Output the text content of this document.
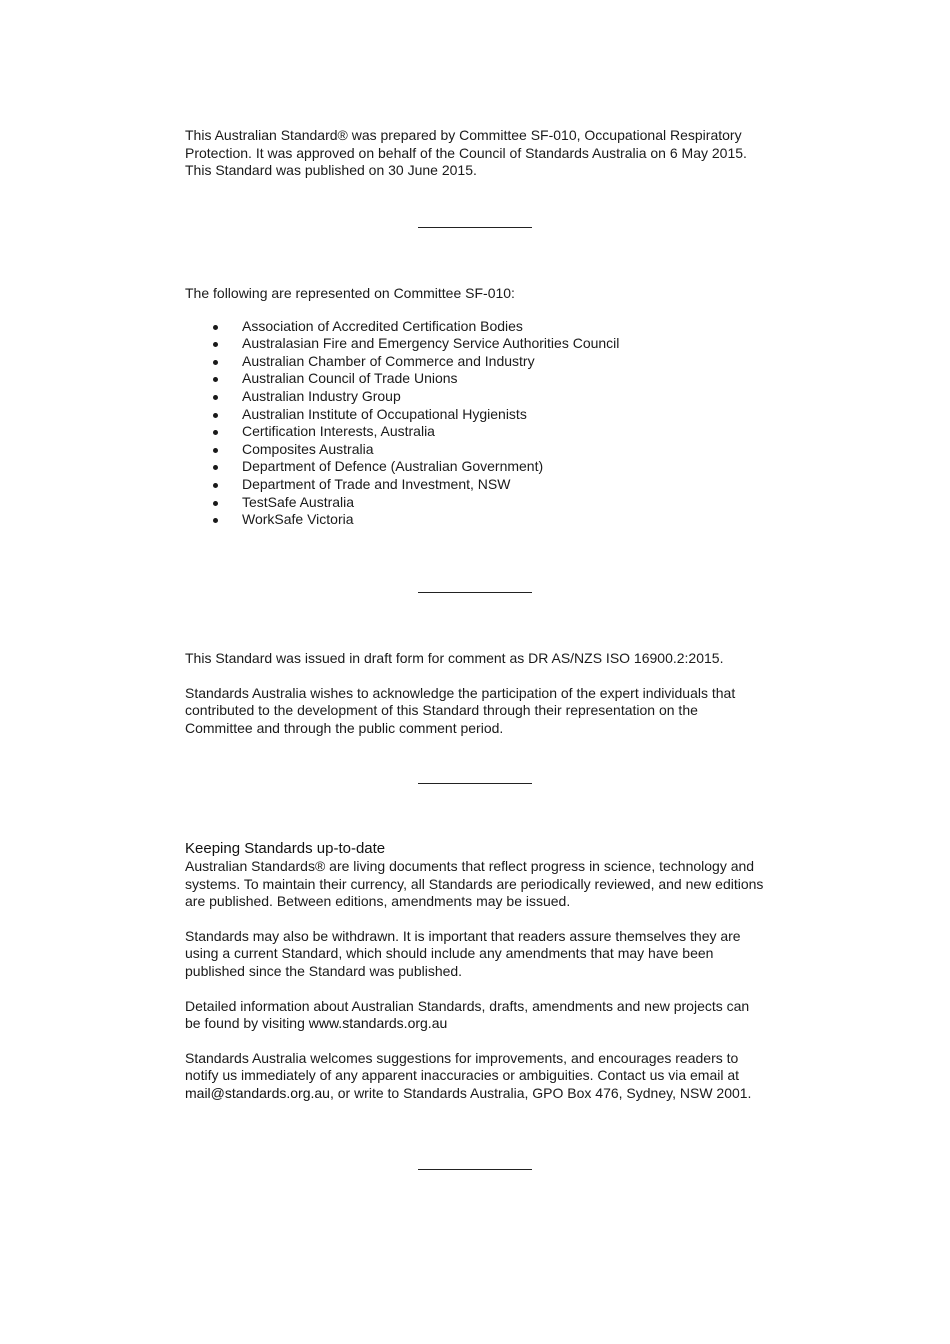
This Australian Standard® was prepared by Committee SF-010, Occupational Respiratory
Protection. It was approved on behalf of the Council of Standards Australia on 6 May 2015.
This Standard was published on 30 June 2015.

The following are represented on Committee SF-010:

Association of Accredited Certification Bodies
Australasian Fire and Emergency Service Authorities Council
Australian Chamber of Commerce and Industry
Australian Council of Trade Unions
Australian Industry Group
Australian Institute of Occupational Hygienists
Certification Interests, Australia
Composites Australia
Department of Defence (Australian Government)
Department of Trade and Investment, NSW
TestSafe Australia
WorkSafe Victoria

This Standard was issued in draft form for comment as DR AS/NZS ISO 16900.2:2015.

Standards Australia wishes to acknowledge the participation of the expert individuals that
contributed to the development of this Standard through their representation on the
Committee and through the public comment period.

Keeping Standards up-to-date

Australian Standards® are living documents that reflect progress in science, technology and
systems. To maintain their currency, all Standards are periodically reviewed, and new editions
are published. Between editions, amendments may be issued.

Standards may also be withdrawn. It is important that readers assure themselves they are
using a current Standard, which should include any amendments that may have been
published since the Standard was published.

Detailed information about Australian Standards, drafts, amendments and new projects can
be found by visiting www.standards.org.au

Standards Australia welcomes suggestions for improvements, and encourages readers to
notify us immediately of any apparent inaccuracies or ambiguities. Contact us via email at
mail@standards.org.au, or write to Standards Australia, GPO Box 476, Sydney, NSW 2001.
